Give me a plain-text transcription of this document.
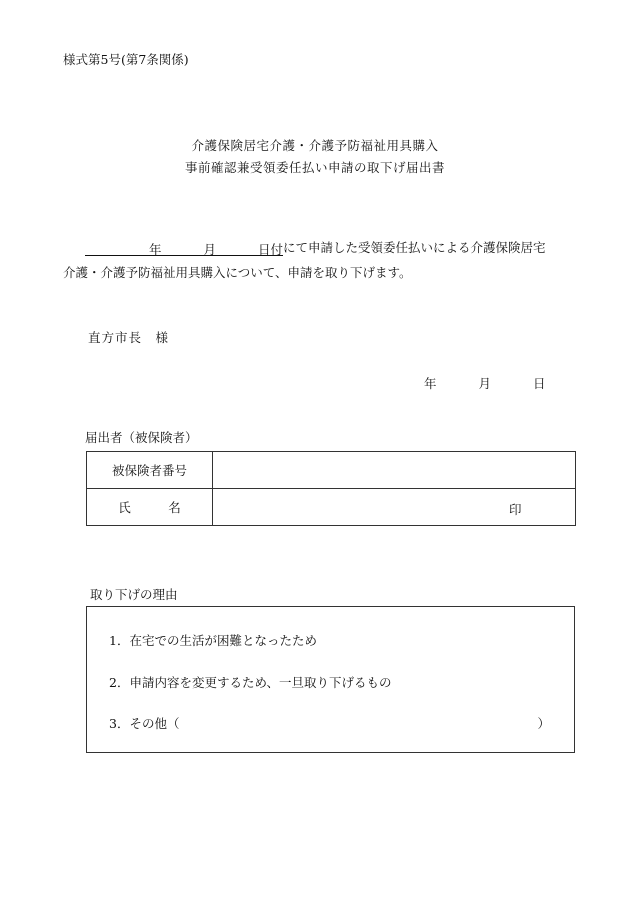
様式第5号(第7条関係)
介護保険居宅介護・介護予防福祉用具購入
事前確認兼受領委任払い申請の取下げ届出書
年	月	日付にて申請した受領委任払いによる介護保険居宅
介護・介護予防福祉用具購入について、申請を取り下げます。
直方市長　様
年	月	日
届出者（被保険者）
被保険者番号	
氏　　　名	印
取り下げの理由
1．在宅での生活が困難となったため
2．申請内容を変更するため、一旦取り下げるもの
3．その他（	）
